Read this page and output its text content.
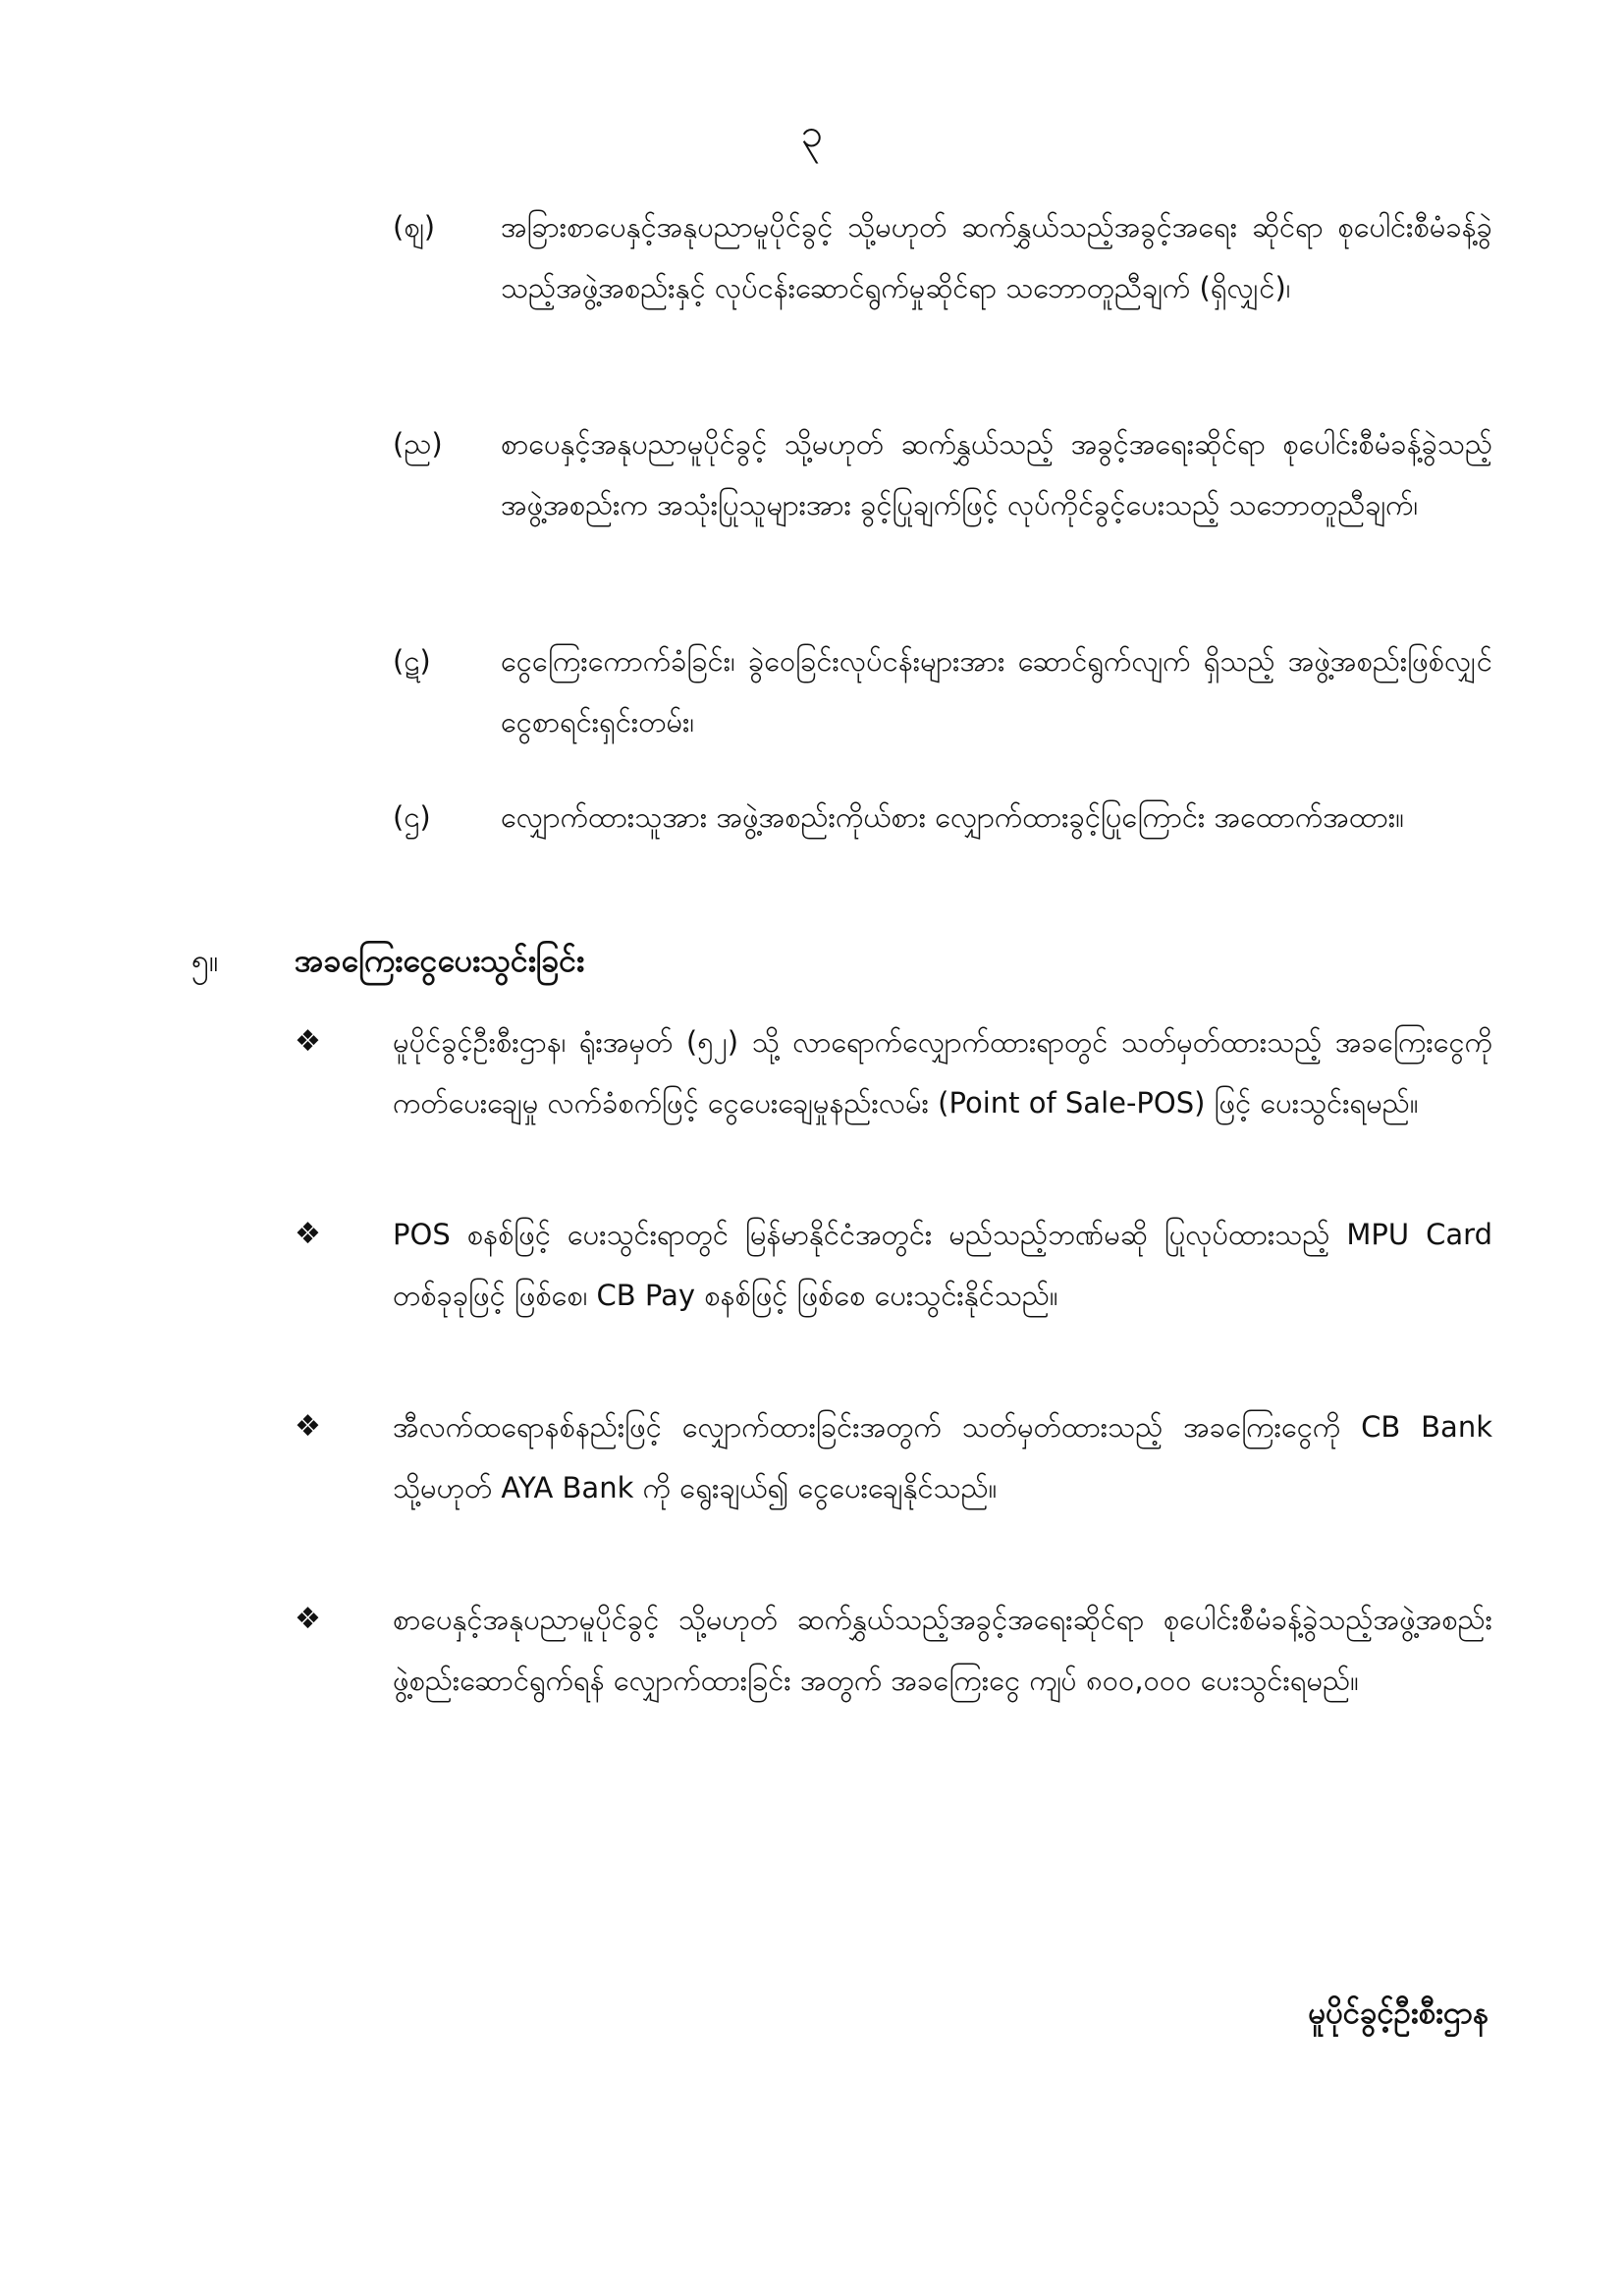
၃
(ဈ) အခြားစာပေနှင့်အနုပညာမူပိုင်ခွင့် သို့မဟုတ် ဆက်နွှယ်သည့်အခွင့်အရေး ဆိုင်ရာ စုပေါင်းစီမံခန့်ခွဲသည့်အဖွဲ့အစည်းနှင့် လုပ်ငန်းဆောင်ရွက်မှုဆိုင်ရာ သဘောတူညီချက် (ရှိလျှင်)၊
(ည) စာပေနှင့်အနုပညာမူပိုင်ခွင့် သို့မဟုတ် ဆက်နွှယ်သည့် အခွင့်အရေးဆိုင်ရာ စုပေါင်းစီမံခန့်ခွဲသည့် အဖွဲ့အစည်းက အသုံးပြုသူများအား ခွင့်ပြုချက်ဖြင့် လုပ်ကိုင်ခွင့်ပေးသည့် သဘောတူညီချက်၊
(ဋ) ငွေကြေးကောက်ခံခြင်း၊ ခွဲဝေခြင်းလုပ်ငန်းများအား ဆောင်ရွက်လျက် ရှိသည့် အဖွဲ့အစည်းဖြစ်လျှင် ငွေစာရင်းရှင်းတမ်း၊
(ဌ) လျှောက်ထားသူအား အဖွဲ့အစည်းကိုယ်စား လျှောက်ထားခွင့်ပြုကြောင်း အထောက်အထား။
၅။ အခကြေးငွေပေးသွင်းခြင်း
❖	မူပိုင်ခွင့်ဦးစီးဌာန၊ ရုံးအမှတ် (၅၂) သို့ လာရောက်လျှောက်ထားရာတွင် သတ်မှတ်ထားသည့် အခကြေးငွေကို ကတ်ပေးချေမှု လက်ခံစက်ဖြင့် ငွေပေးချေမှုနည်းလမ်း (Point of Sale-POS) ဖြင့် ပေးသွင်းရမည်။
❖	POS စနစ်ဖြင့် ပေးသွင်းရာတွင် မြန်မာနိုင်ငံအတွင်း မည်သည့်ဘဏ်မဆို ပြုလုပ်ထားသည့် MPU Card တစ်ခုခုဖြင့် ဖြစ်စေ၊ CB Pay စနစ်ဖြင့် ဖြစ်စေ ပေးသွင်းနိုင်သည်။
❖	အီလက်ထရောနစ်နည်းဖြင့် လျှောက်ထားခြင်းအတွက် သတ်မှတ်ထားသည့် အခကြေးငွေကို CB Bank သို့မဟုတ် AYA Bank ကို ရွေးချယ်၍ ငွေပေးချေနိုင်သည်။
❖	စာပေနှင့်အနုပညာမူပိုင်ခွင့် သို့မဟုတ် ဆက်နွှယ်သည့်အခွင့်အရေးဆိုင်ရာ စုပေါင်းစီမံခန့်ခွဲသည့်အဖွဲ့အစည်း ဖွဲ့စည်းဆောင်ရွက်ရန် လျှောက်ထားခြင်း အတွက် အခကြေးငွေ ကျပ် ၈၀၀,၀၀၀ ပေးသွင်းရမည်။
မူပိုင်ခွင့်ဦးစီးဌာန
